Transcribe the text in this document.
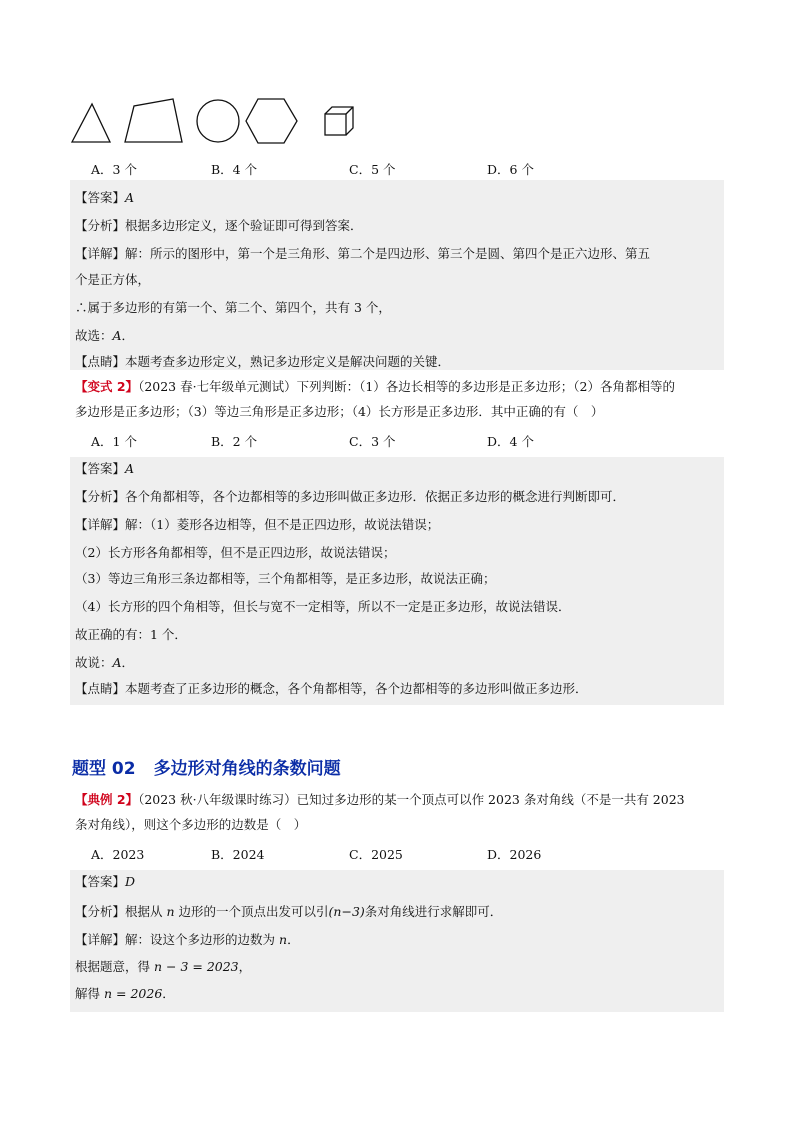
A．3 个	B．4 个	C．5 个	D．6 个
【答案】A
【分析】根据多边形定义，逐个验证即可得到答案．
【详解】解：所示的图形中，第一个是三角形、第二个是四边形、第三个是圆、第四个是正六边形、第五
个是正方体，
∴属于多边形的有第一个、第二个、第四个，共有 3 个，
故选：A．
【点睛】本题考查多边形定义，熟记多边形定义是解决问题的关键．
【变式 2】（2023 春·七年级单元测试）下列判断：（1）各边长相等的多边形是正多边形；（2）各角都相等的
多边形是正多边形；（3）等边三角形是正多边形；（4）长方形是正多边形．其中正确的有（　）
A．1 个	B．2 个	C．3 个	D．4 个
【答案】A
【分析】各个角都相等，各个边都相等的多边形叫做正多边形．依据正多边形的概念进行判断即可．
【详解】解：（1）菱形各边相等，但不是正四边形，故说法错误；
（2）长方形各角都相等，但不是正四边形，故说法错误；
（3）等边三角形三条边都相等，三个角都相等，是正多边形，故说法正确；
（4）长方形的四个角相等，但长与宽不一定相等，所以不一定是正多边形，故说法错误．
故正确的有：1 个．
故说：A．
【点睛】本题考查了正多边形的概念，各个角都相等，各个边都相等的多边形叫做正多边形．
题型 02 多边形对角线的条数问题
【典例 2】（2023 秋·八年级课时练习）已知过多边形的某一个顶点可以作 2023 条对角线（不是一共有 2023
条对角线），则这个多边形的边数是（　）
A．2023	B．2024	C．2025	D．2026
【答案】D
【分析】根据从 n 边形的一个顶点出发可以引(n−3)条对角线进行求解即可．
【详解】解：设这个多边形的边数为 n．
根据题意，得 n − 3 = 2023，
解得 n = 2026．
